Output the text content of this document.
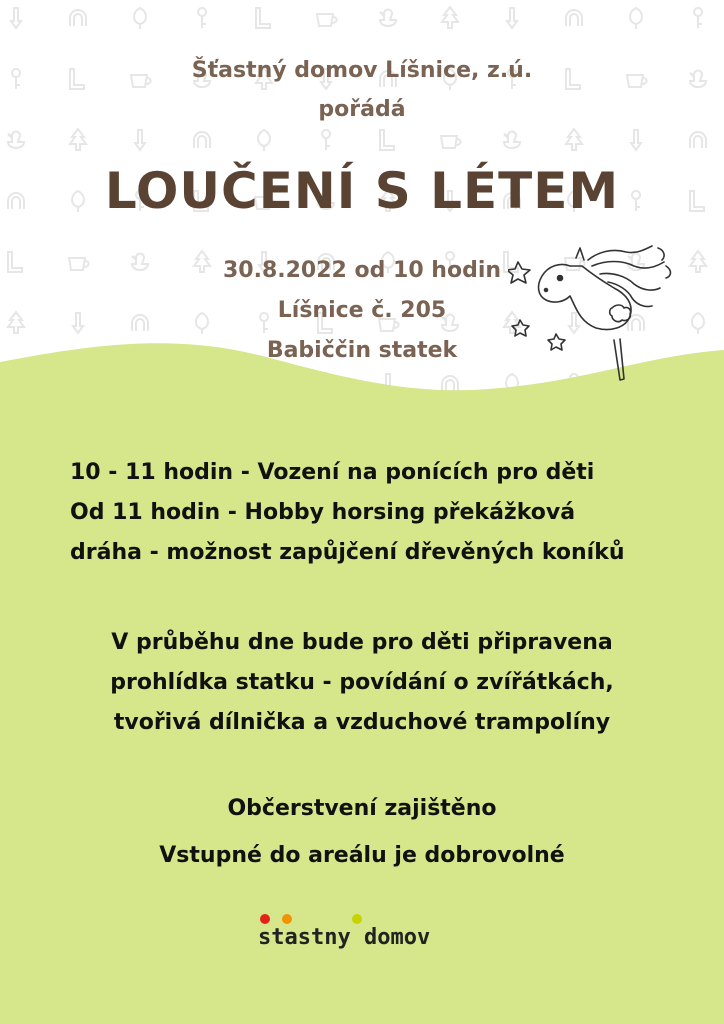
Šťastný domov Líšnice, z.ú.
pořádá
LOUČENÍ S LÉTEM
30.8.2022 od 10 hodin
Líšnice č. 205
Babiččin statek
10 - 11 hodin - Vození na ponících pro děti
Od 11 hodin - Hobby horsing překážková
dráha - možnost zapůjčení dřevěných koníků
V průběhu dne bude pro děti připravena
prohlídka statku - povídání o zvířátkách,
tvořivá dílnička a vzduchové trampolíny
Občerstvení zajištěno
Vstupné do areálu je dobrovolné
stastny domov
